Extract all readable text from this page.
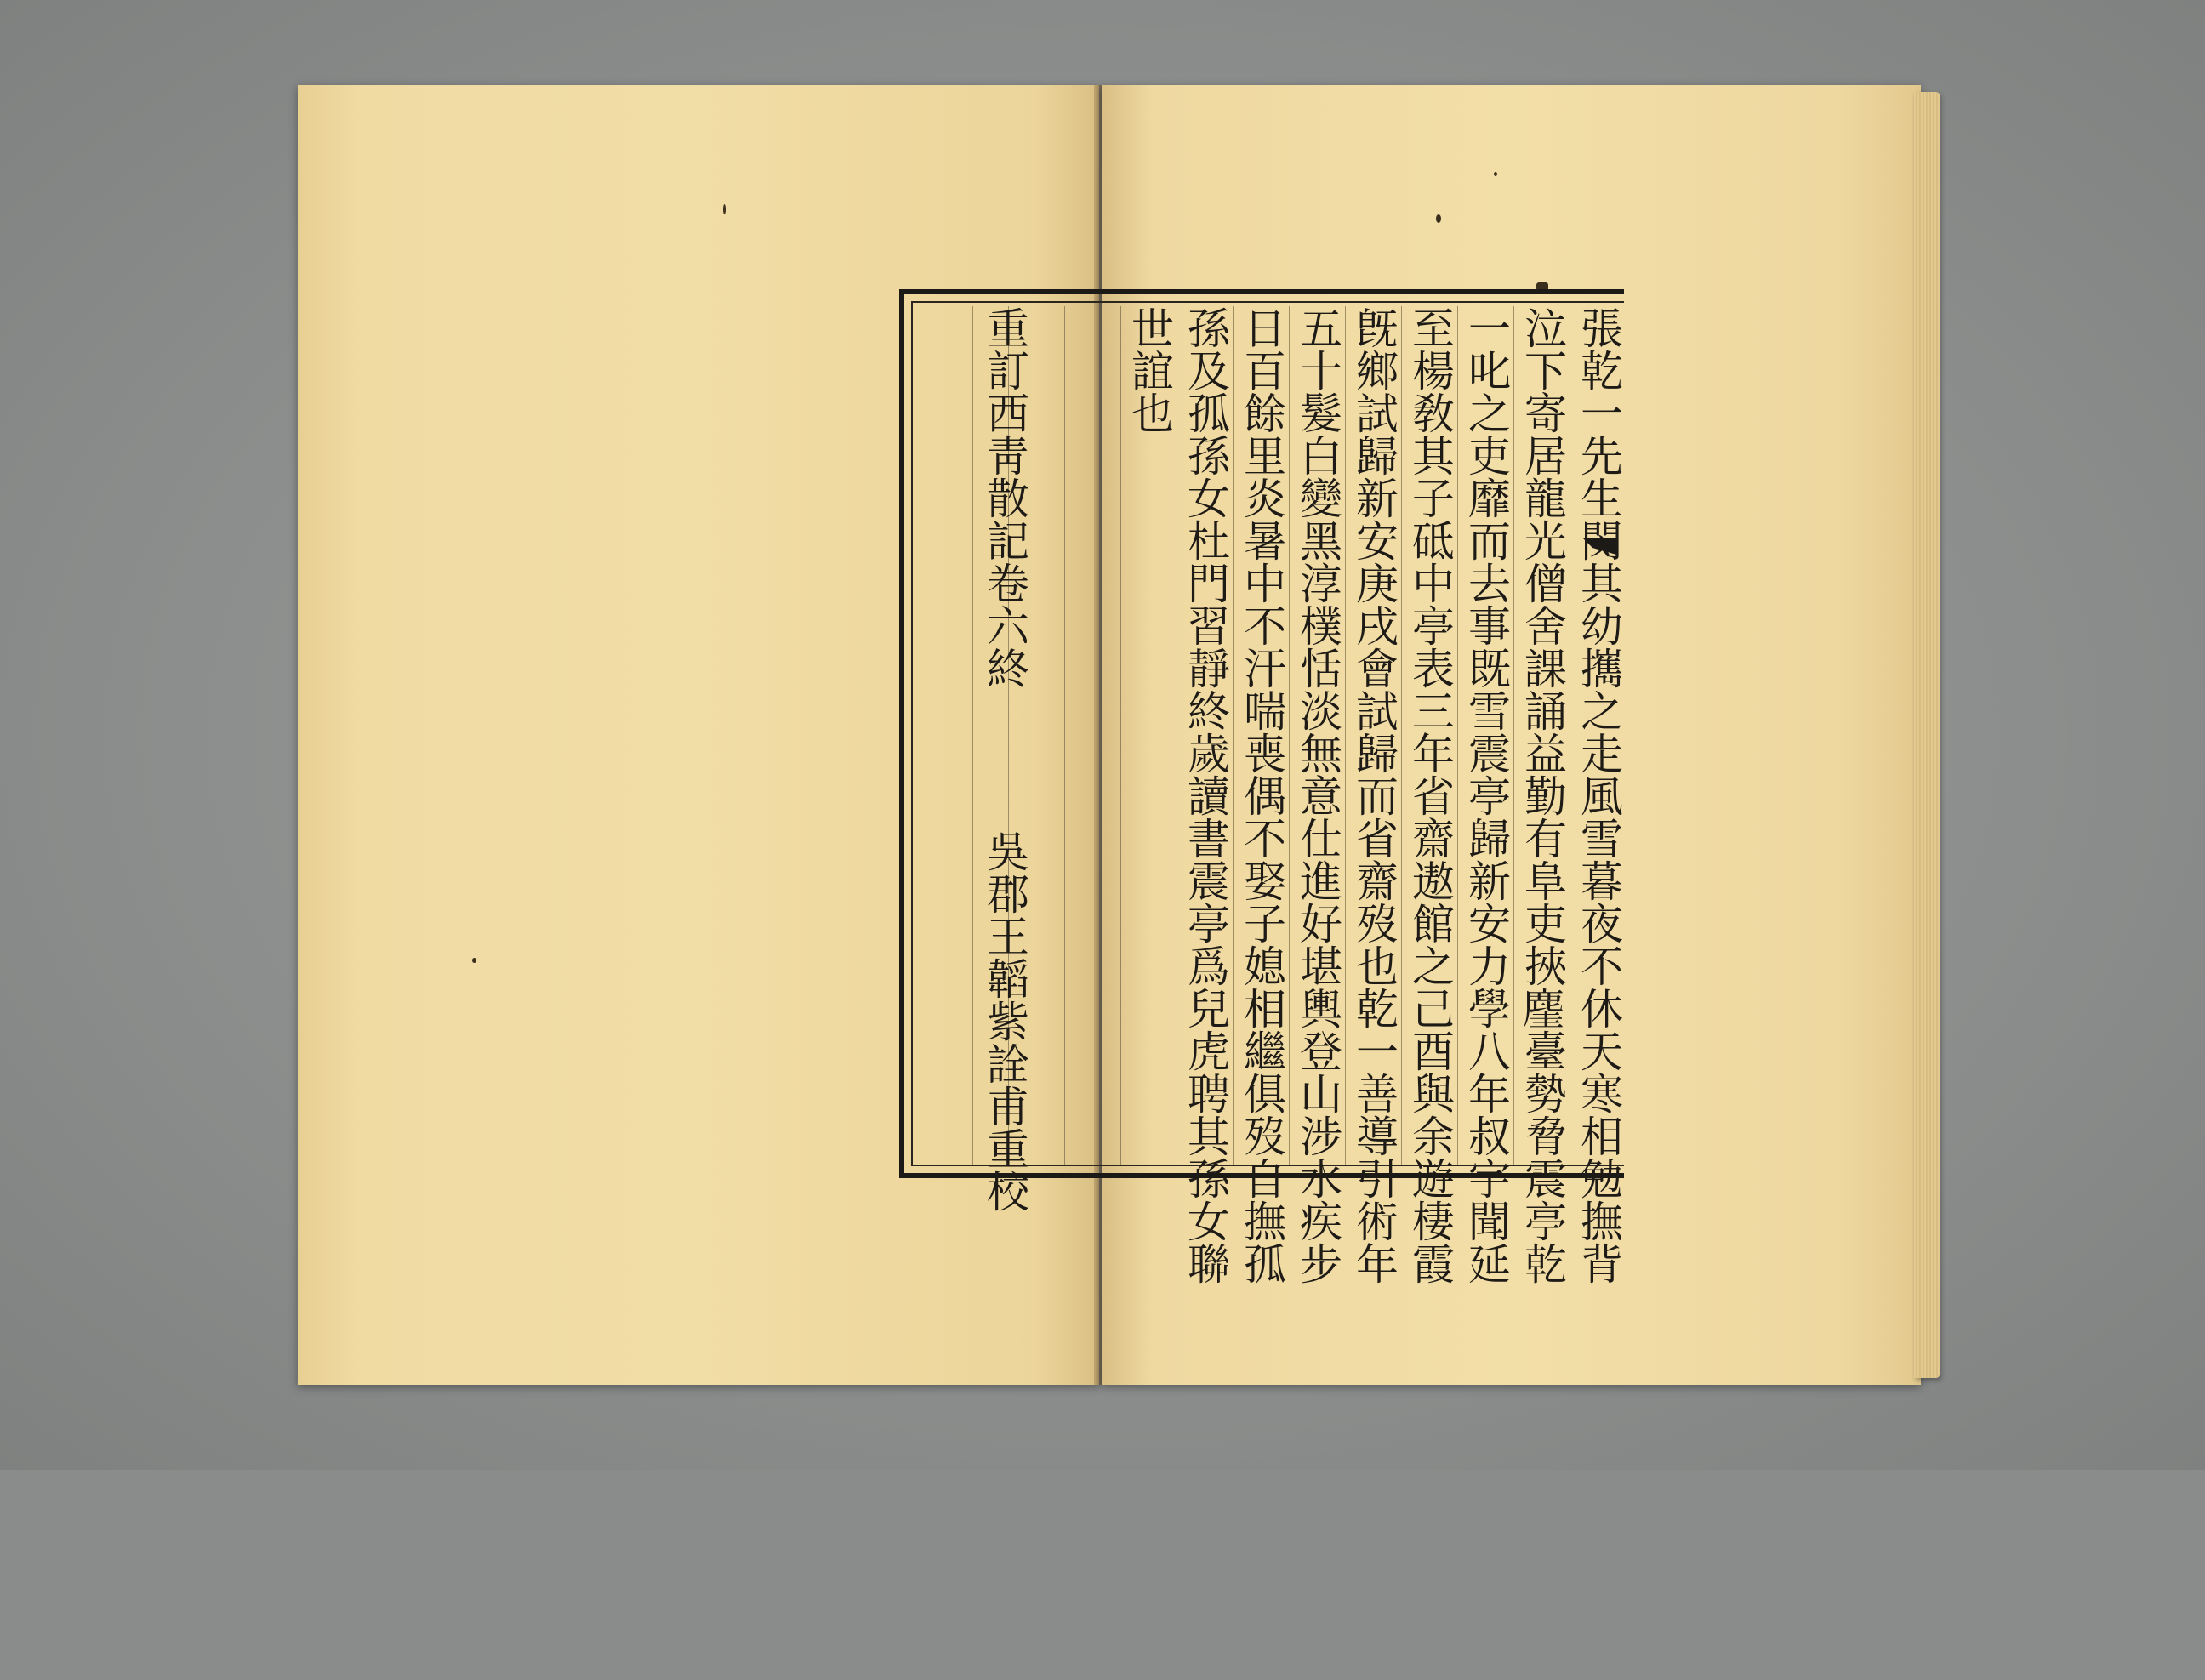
張乾一先生閔其幼𢹂之走風雪暮夜不休天寒相勉撫背
泣下寄居龍光僧舍課誦益勤有阜吏挾𪊧臺勢脅震亭乾
一叱之吏靡而去事既雪震亭歸新安力學八年叔宇聞延
至楊敎其子砥中亭表三年省齋遨館之己酉與余遊棲霞
旣鄉試歸新安庚戌會試歸而省齋歿也乾一善導引術年
五十髮白變黑淳樸恬淡無意仕進好堪輿登山涉水疾步
日百餘里炎暑中不汗喘喪偶不娶子媳相繼俱歿自撫孤
孫及孤孫女杜門習靜終歲讀書震亭爲兒虎聘其孫女聯
世誼也
重訂西靑散記卷六終
吳郡王韜紫詮甫重校
